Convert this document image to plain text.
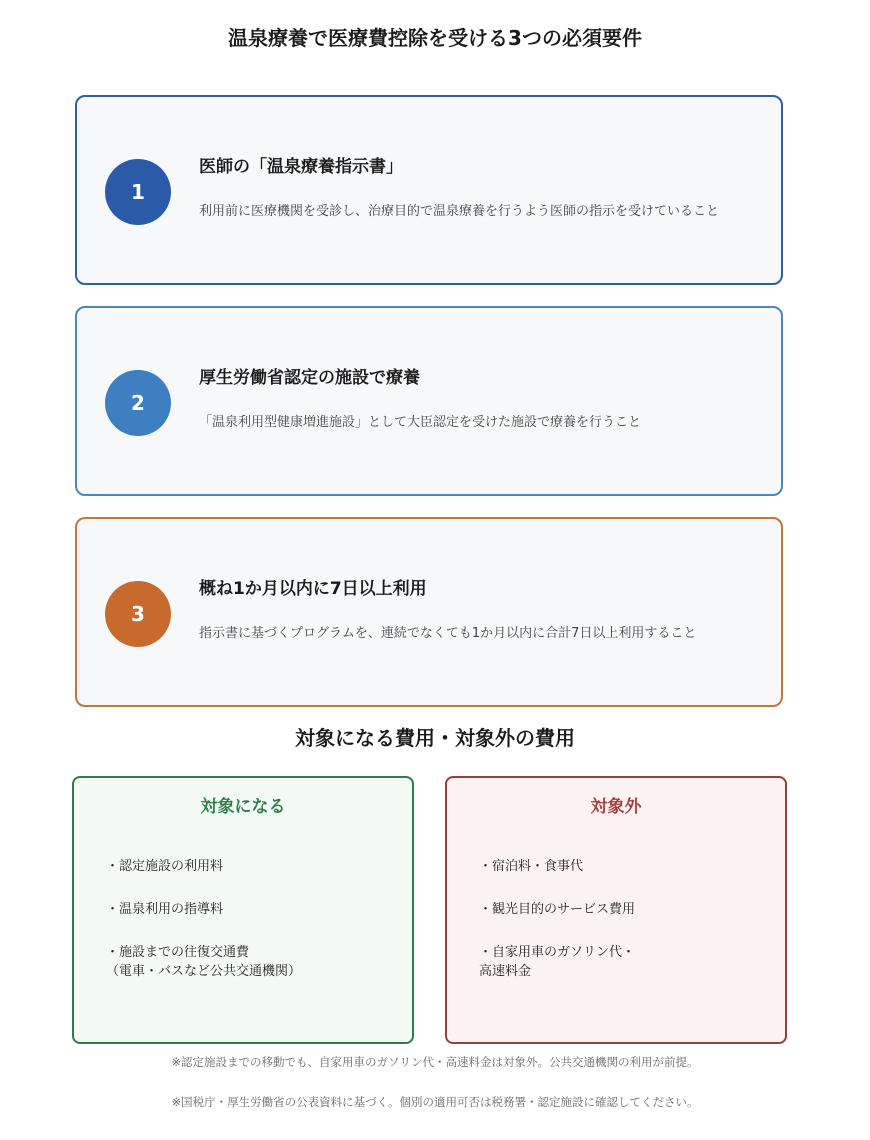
温泉療養で医療費控除を受ける3つの必須要件
1
医師の「温泉療養指示書」
利用前に医療機関を受診し、治療目的で温泉療養を行うよう医師の指示を受けていること
2
厚生労働省認定の施設で療養
「温泉利用型健康増進施設」として大臣認定を受けた施設で療養を行うこと
3
概ね1か月以内に7日以上利用
指示書に基づくプログラムを、連続でなくても1か月以内に合計7日以上利用すること
対象になる費用・対象外の費用
対象になる
・認定施設の利用料
・温泉利用の指導料
・施設までの往復交通費
（電車・バスなど公共交通機関）
対象外
・宿泊料・食事代
・観光目的のサービス費用
・自家用車のガソリン代・
高速料金
※認定施設までの移動でも、自家用車のガソリン代・高速料金は対象外。公共交通機関の利用が前提。
※国税庁・厚生労働省の公表資料に基づく。個別の適用可否は税務署・認定施設に確認してください。
